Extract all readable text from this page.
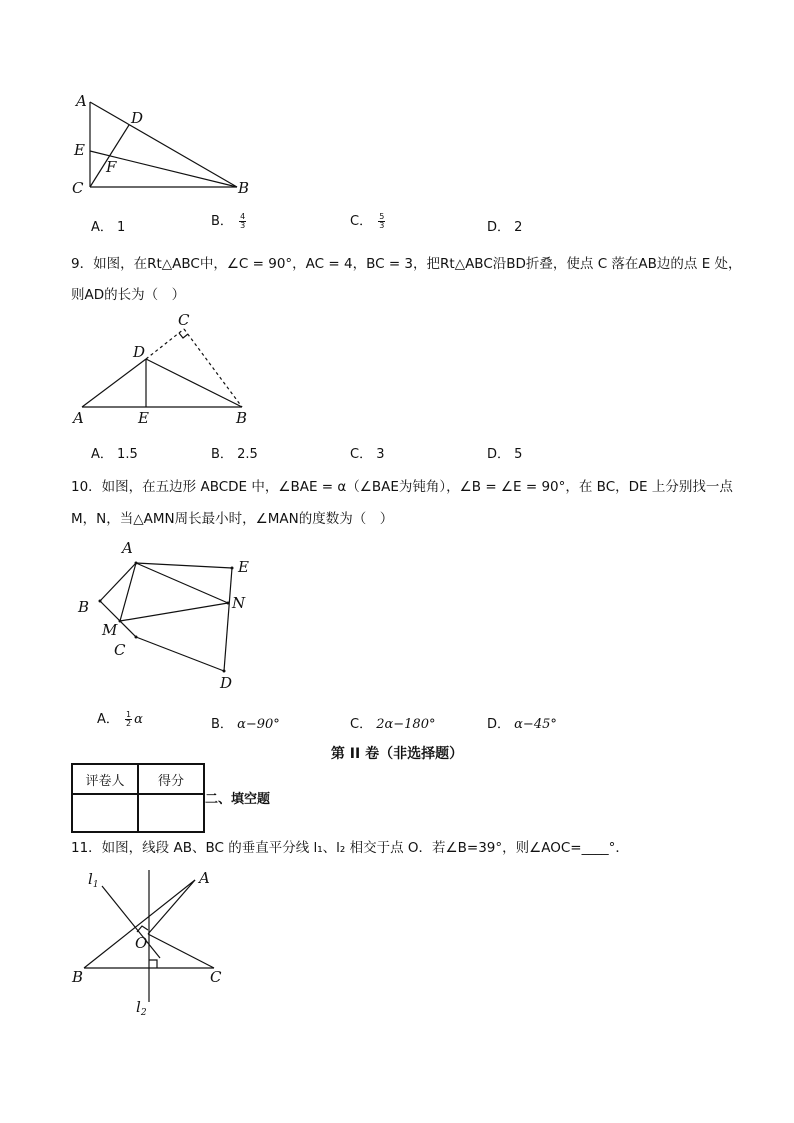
A
D
E
F
C	B
A． 1	B． $\frac{4}{3}$	C． $\frac{5}{3}$	D． 2
9．如图，在Rt△ABC中，∠C = 90°，AC = 4，BC = 3，把Rt△ABC沿BD折叠，使点 C 落在AB边的点 E 处，
则AD的长为（　）
C
D
A	E	B
A． 1.5	B． 2.5	C． 3	D． 5
10．如图，在五边形 ABCDE 中，∠BAE = α（∠BAE为钝角），∠B = ∠E = 90°，在 BC，DE 上分别找一点
M，N，当△AMN周长最小时，∠MAN的度数为（　）
A
E
B	N
M
C
D
A． $\frac{1}{2}$ α	B． α−90°	C． 2α−180°	D． α−45°
第 II 卷（非选择题）
评卷人	得分

二、填空题
11．如图，线段 AB、BC 的垂直平分线 l₁、l₂ 相交于点 O．若∠B=39°，则∠AOC=____°．
$l_1$	A
O
B	C
$l_2$
